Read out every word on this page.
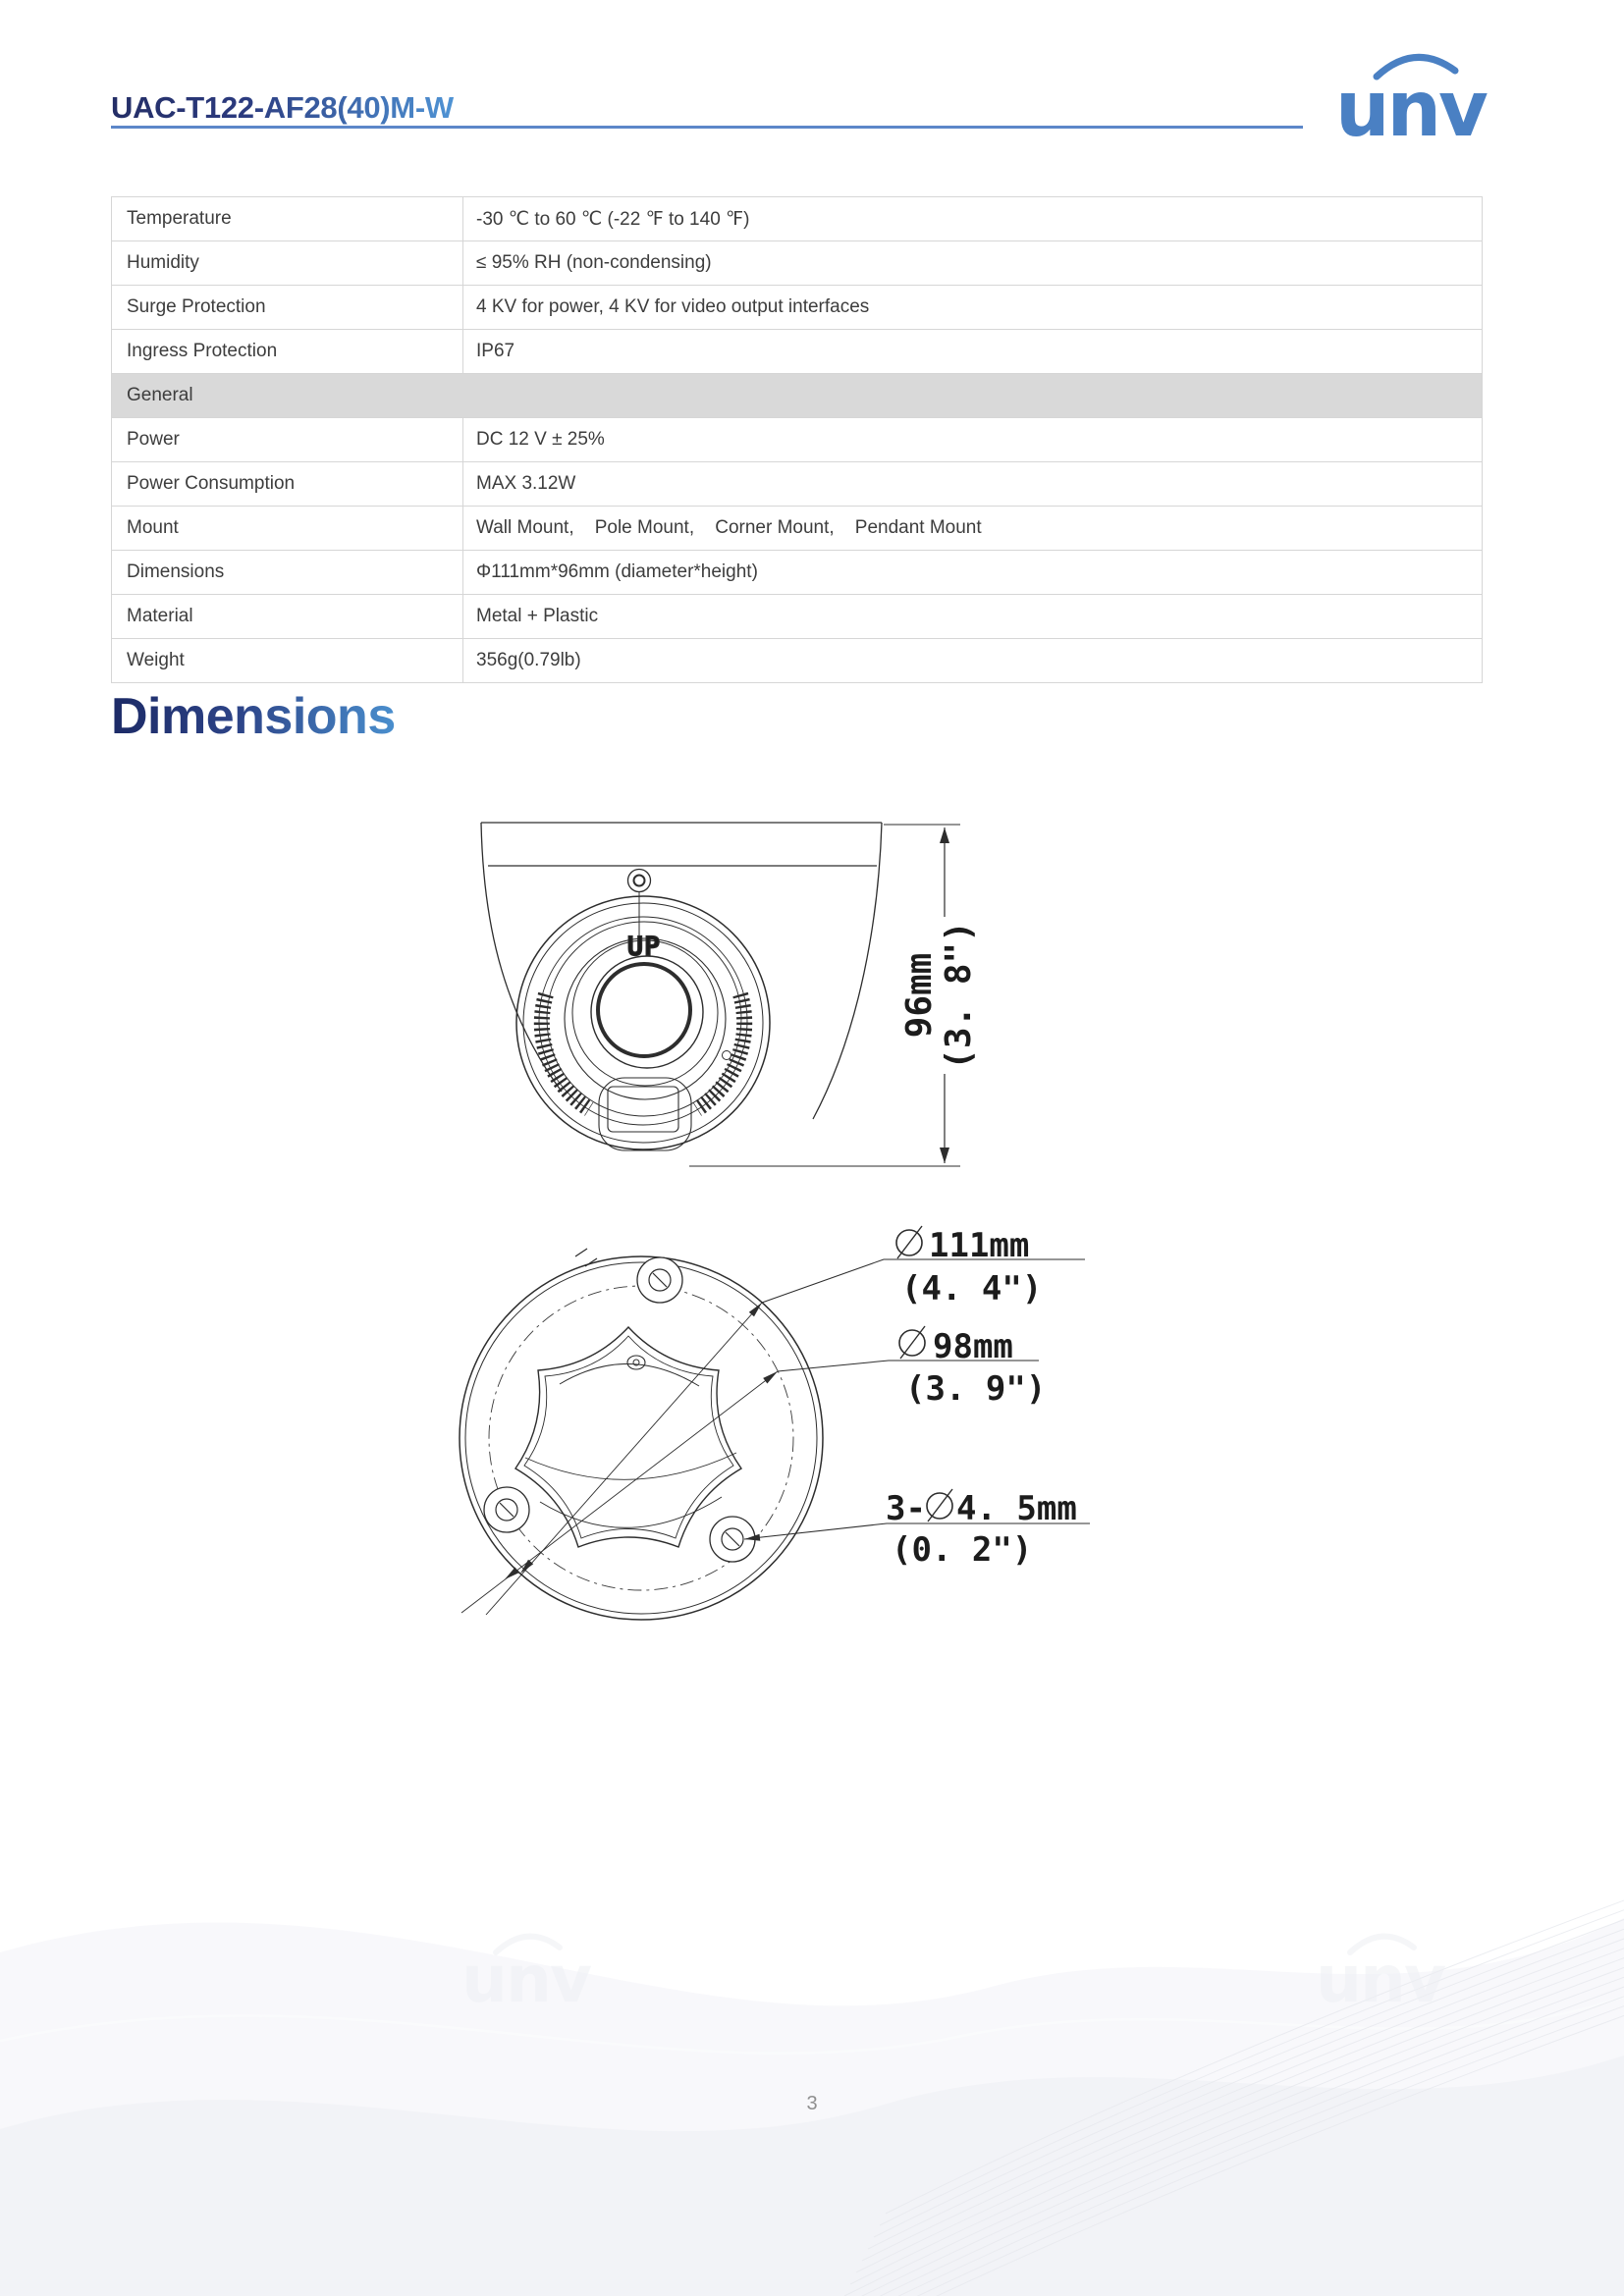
UAC-T122-AF28(40)M-W	unv
Temperature	-30 ℃ to 60 ℃ (-22 ℉ to 140 ℉)
Humidity	≤ 95% RH (non-condensing)
Surge Protection	4 KV for power, 4 KV for video output interfaces
Ingress Protection	IP67
General
Power	DC 12 V ± 25%
Power Consumption	MAX 3.12W
Mount	Wall Mount,    Pole Mount,    Corner Mount,    Pendant Mount
Dimensions	Φ111mm*96mm (diameter*height)
Material	Metal + Plastic
Weight	356g(0.79lb)
Dimensions
UP
96mm (3. 8")
111mm
(4. 4")
98mm
(3. 9")
3- 4. 5mm
(0. 2")
unv	unv
3
